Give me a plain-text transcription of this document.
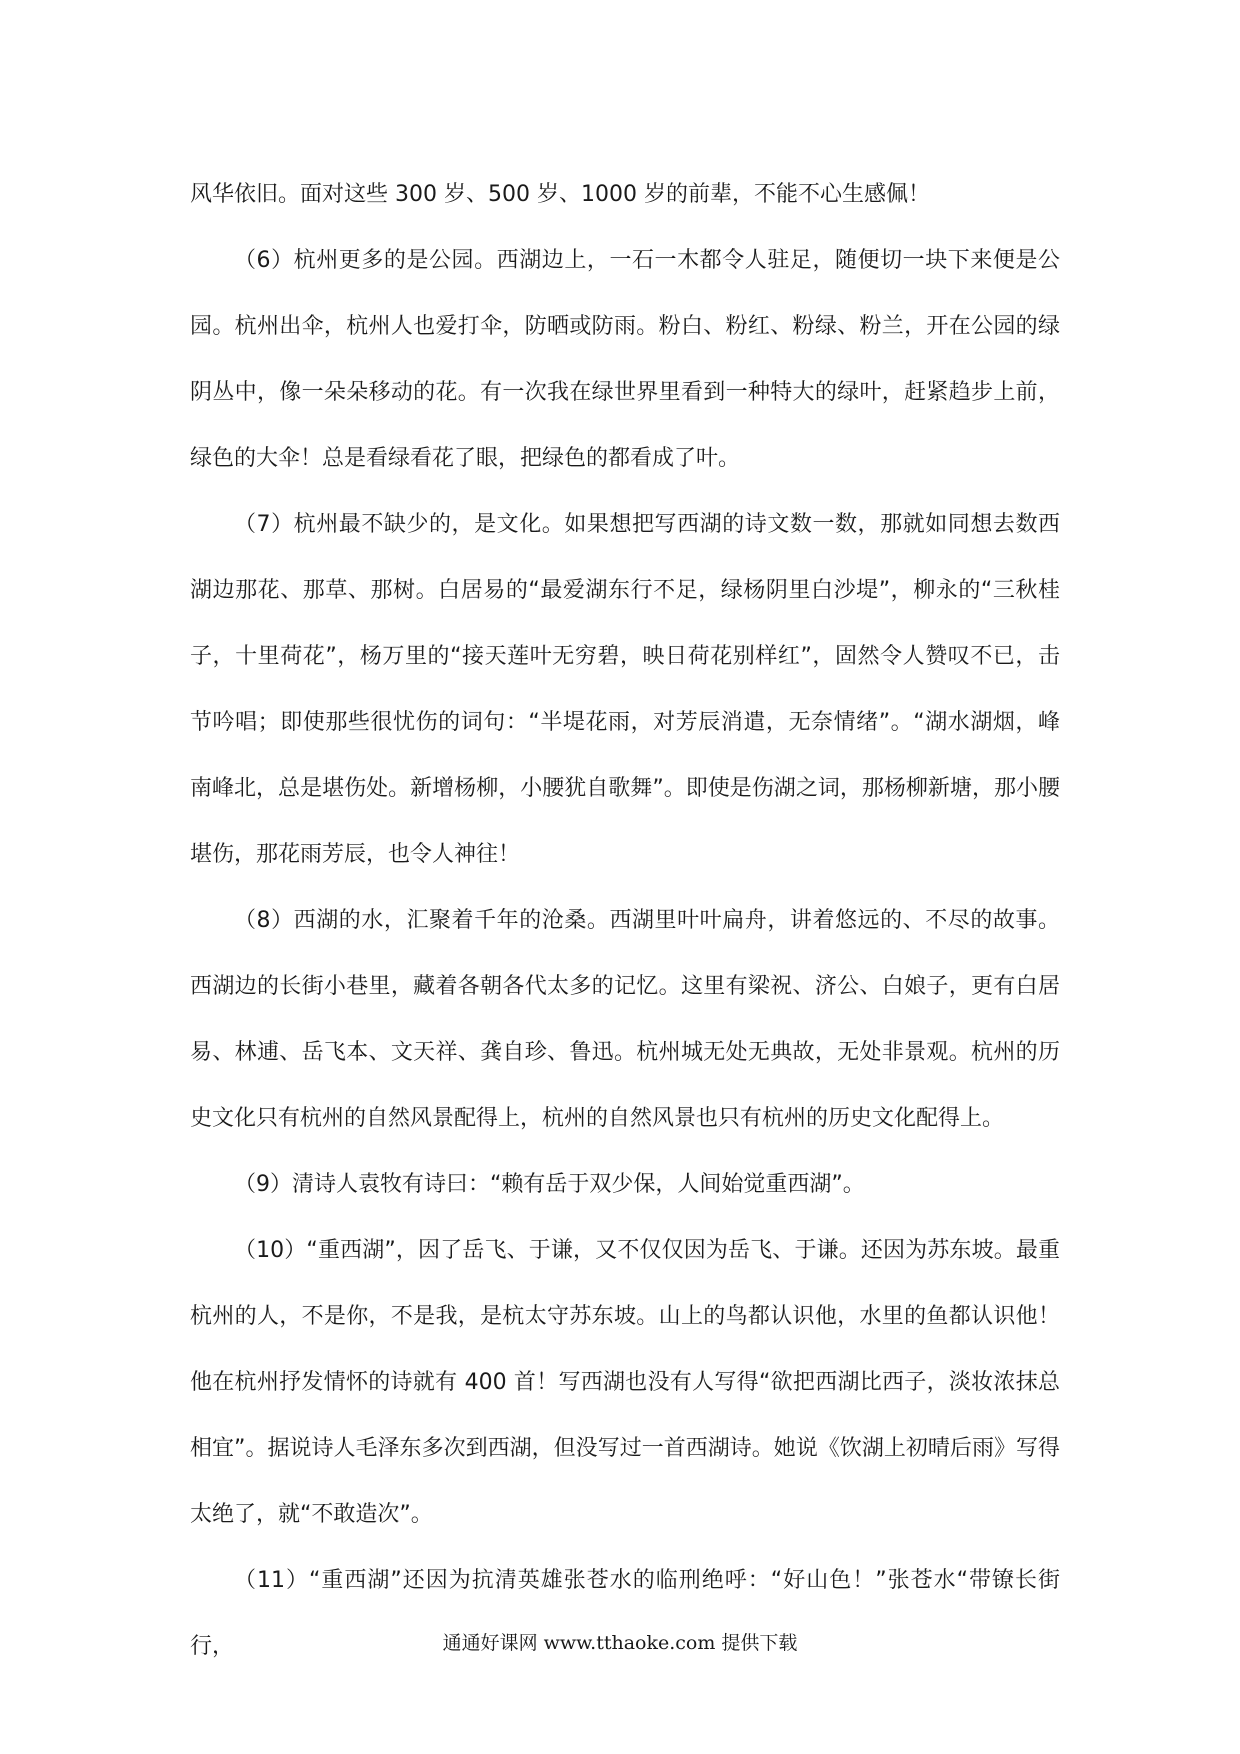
风华依旧。面对这些 300 岁、500 岁、1000 岁的前辈，不能不心生感佩！

（6）杭州更多的是公园。西湖边上，一石一木都令人驻足，随便切一块下来便是公园。杭州出伞，杭州人也爱打伞，防晒或防雨。粉白、粉红、粉绿、粉兰，开在公园的绿阴丛中，像一朵朵移动的花。有一次我在绿世界里看到一种特大的绿叶，赶紧趋步上前，绿色的大伞！总是看绿看花了眼，把绿色的都看成了叶。

（7）杭州最不缺少的，是文化。如果想把写西湖的诗文数一数，那就如同想去数西湖边那花、那草、那树。白居易的“最爱湖东行不足，绿杨阴里白沙堤”，柳永的“三秋桂子，十里荷花”，杨万里的“接天莲叶无穷碧，映日荷花别样红”，固然令人赞叹不已，击节吟唱；即使那些很忧伤的词句：“半堤花雨，对芳辰消遣，无奈情绪”。“湖水湖烟，峰南峰北，总是堪伤处。新增杨柳，小腰犹自歌舞”。即使是伤湖之词，那杨柳新塘，那小腰堪伤，那花雨芳辰，也令人神往！

（8）西湖的水，汇聚着千年的沧桑。西湖里叶叶扁舟，讲着悠远的、不尽的故事。西湖边的长街小巷里，藏着各朝各代太多的记忆。这里有梁祝、济公、白娘子，更有白居易、林逋、岳飞本、文天祥、龚自珍、鲁迅。杭州城无处无典故，无处非景观。杭州的历史文化只有杭州的自然风景配得上，杭州的自然风景也只有杭州的历史文化配得上。

（9）清诗人袁牧有诗曰：“赖有岳于双少保，人间始觉重西湖”。

（10）“重西湖”，因了岳飞、于谦，又不仅仅因为岳飞、于谦。还因为苏东坡。最重杭州的人，不是你，不是我，是杭太守苏东坡。山上的鸟都认识他，水里的鱼都认识他！他在杭州抒发情怀的诗就有 400 首！写西湖也没有人写得“欲把西湖比西子，淡妆浓抹总相宜”。据说诗人毛泽东多次到西湖，但没写过一首西湖诗。她说《饮湖上初晴后雨》写得太绝了，就“不敢造次”。

（11）“重西湖”还因为抗清英雄张苍水的临刑绝呼：“好山色！”张苍水“带镣长街行，	通通好课网 www.tthaoke.com 提供下载
